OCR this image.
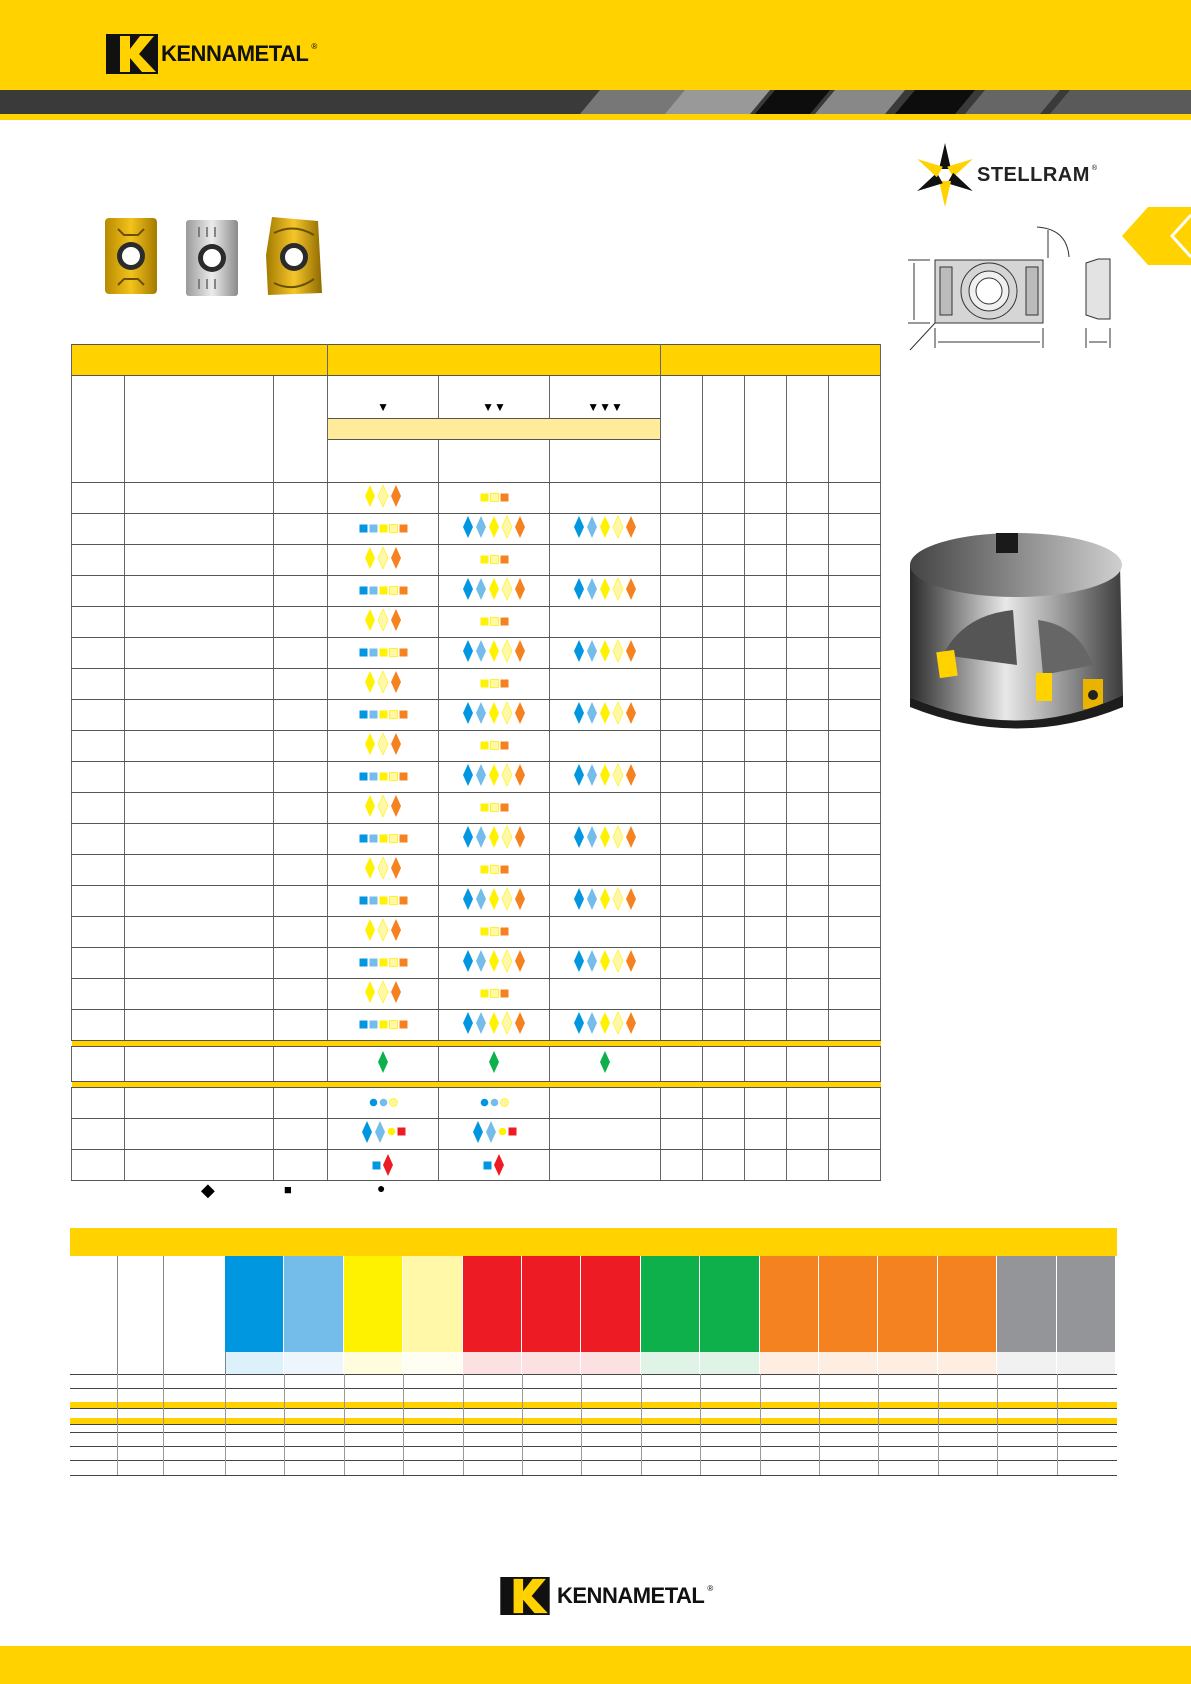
KENNAMETAL ®
STELLRAM ®

			▼	▼▼	▼▼▼					

◆	■	●
KENNAMETAL ®
